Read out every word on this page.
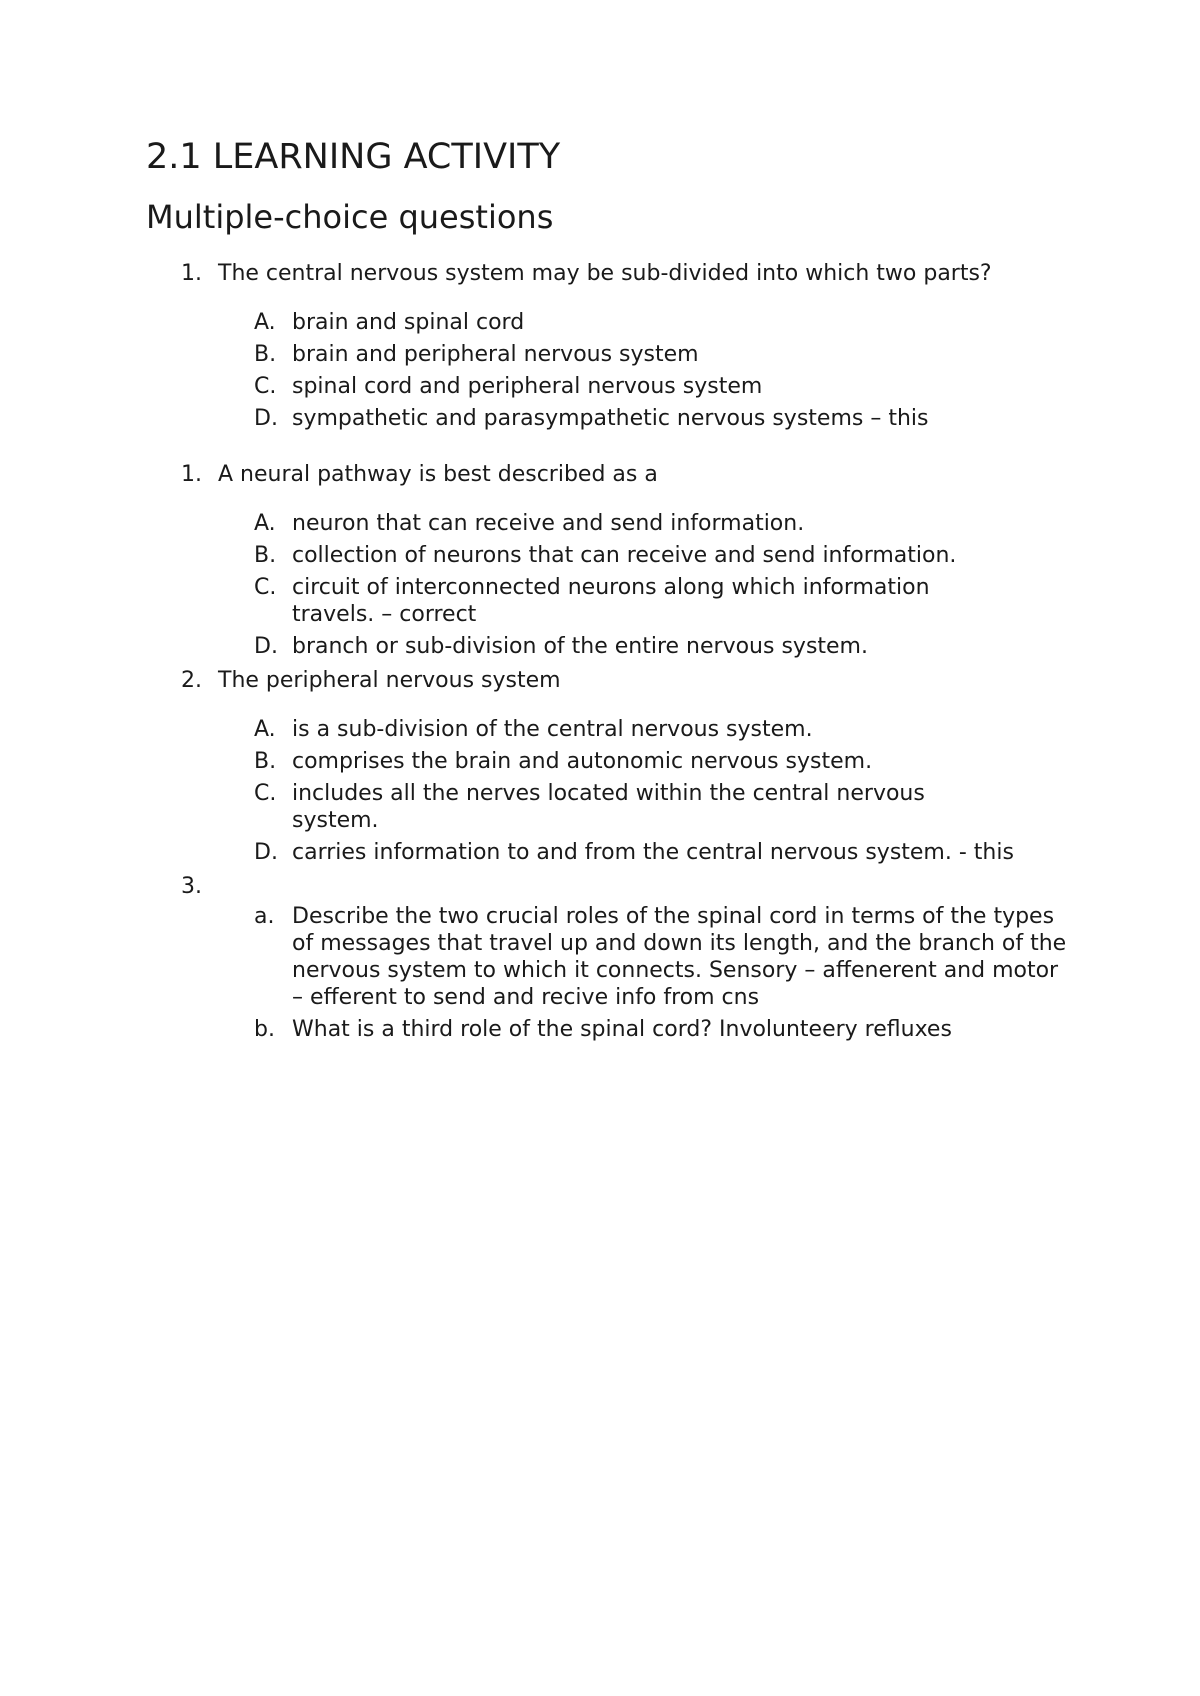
2.1 LEARNING ACTIVITY
Multiple-choice questions
1. The central nervous system may be sub-divided into which two parts?
A. brain and spinal cord
B. brain and peripheral nervous system
C. spinal cord and peripheral nervous system
D. sympathetic and parasympathetic nervous systems – this
1. A neural pathway is best described as a
A. neuron that can receive and send information.
B. collection of neurons that can receive and send information.
C. circuit of interconnected neurons along which information travels. – correct
D. branch or sub-division of the entire nervous system.
2. The peripheral nervous system
A. is a sub-division of the central nervous system.
B. comprises the brain and autonomic nervous system.
C. includes all the nerves located within the central nervous system.
D. carries information to and from the central nervous system. - this
3.
a. Describe the two crucial roles of the spinal cord in terms of the types of messages that travel up and down its length, and the branch of the nervous system to which it connects. Sensory – affenerent and motor – efferent to send and recive info from cns
b. What is a third role of the spinal cord? Involunteery refluxes
